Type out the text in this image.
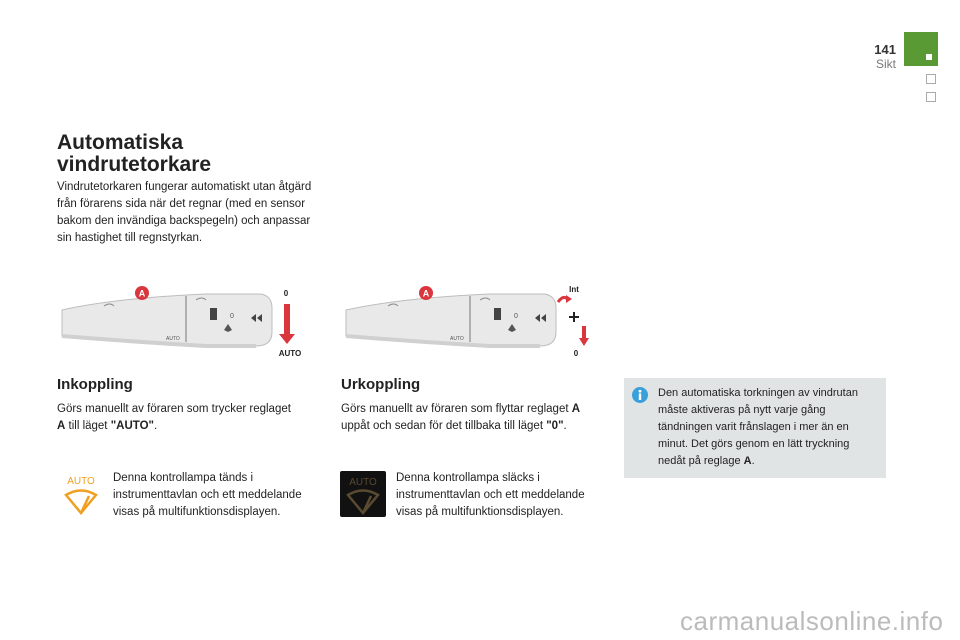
141
Sikt
Automatiska vindrutetorkare

Vindrutetorkaren fungerar automatiskt utan åtgärd från förarens sida när det regnar (med en sensor bakom den invändiga backspegeln) och anpassar sin hastighet till regnstyrkan.

0
AUTO
A	0
AUTO
0
AUTO
A	Int
0
Inkoppling

Görs manuellt av föraren som trycker reglaget A till läget "AUTO".

AUTO Denna kontrollampa tänds i instrumenttavlan och ett meddelande visas på multifunktionsdisplayen.

Urkoppling

Görs manuellt av föraren som flyttar reglaget A uppåt och sedan för det tillbaka till läget "0".

AUTO Denna kontrollampa släcks i instrumenttavlan och ett meddelande visas på multifunktionsdisplayen.

Den automatiska torkningen av vindrutan måste aktiveras på nytt varje gång tändningen varit frånslagen i mer än en minut. Det görs genom en lätt tryckning nedåt på reglage A.

carmanualsonline.info
